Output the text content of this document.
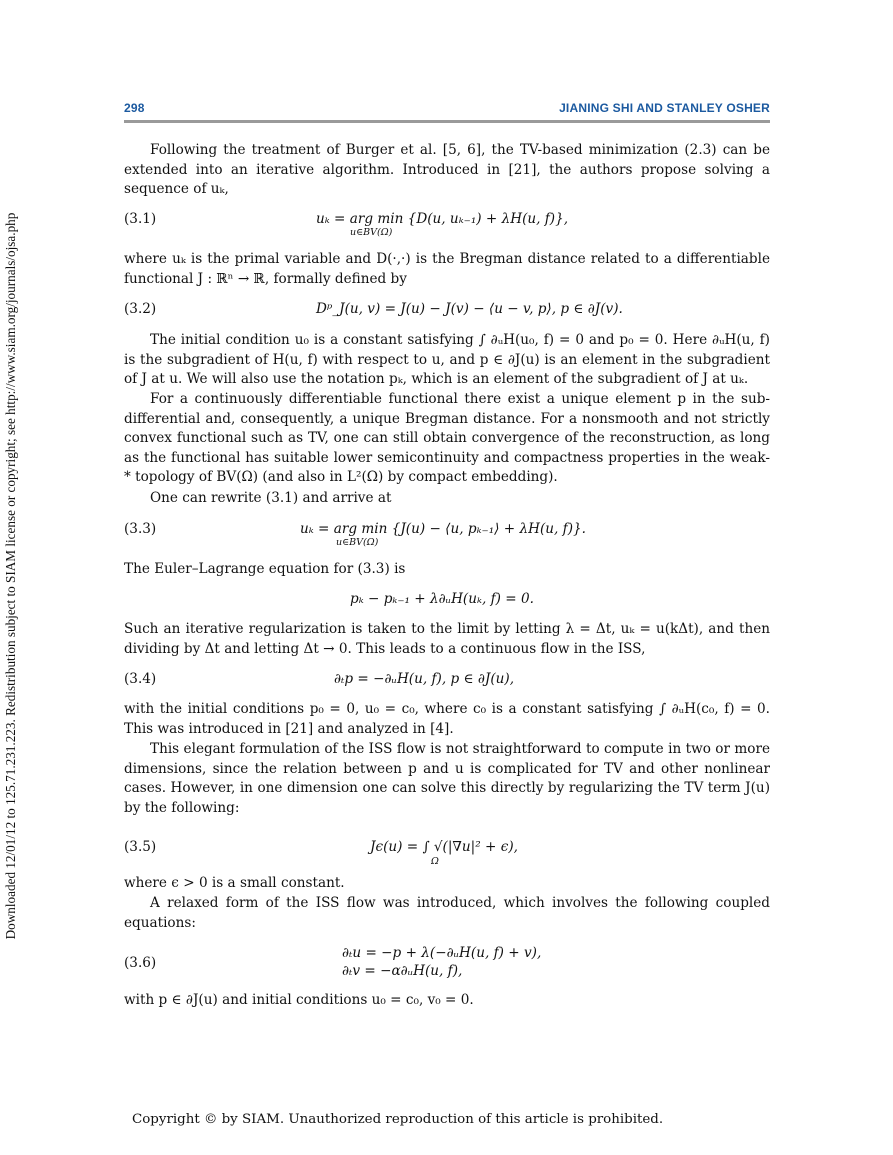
Downloaded 12/01/12 to 125.71.231.223. Redistribution subject to SIAM license or copyright; see http://www.siam.org/journals/ojsa.php
298	JIANING SHI AND STANLEY OSHER

Following the treatment of Burger et al. [5, 6], the TV-based minimization (2.3) can be extended into an iterative algorithm. Introduced in [21], the authors propose solving a sequence of uₖ,

(3.1)	uₖ = arg min {D(u, uₖ₋₁) + λH(u, f)},
u∈BV(Ω)

where uₖ is the primal variable and D(·,·) is the Bregman distance related to a differentiable functional J : ℝⁿ → ℝ, formally defined by

(3.2)	Dᵖ_J(u, v) = J(u) − J(v) − ⟨u − v, p⟩, p ∈ ∂J(v).

The initial condition u₀ is a constant satisfying ∫ ∂ᵤH(u₀, f) = 0 and p₀ = 0. Here ∂ᵤH(u, f) is the subgradient of H(u, f) with respect to u, and p ∈ ∂J(u) is an element in the subgradient of J at u. We will also use the notation pₖ, which is an element of the subgradient of J at uₖ.

For a continuously differentiable functional there exist a unique element p in the sub-differential and, consequently, a unique Bregman distance. For a nonsmooth and not strictly convex functional such as TV, one can still obtain convergence of the reconstruction, as long as the functional has suitable lower semicontinuity and compactness properties in the weak-* topology of BV(Ω) (and also in L²(Ω) by compact embedding).

One can rewrite (3.1) and arrive at

(3.3)	uₖ = arg min {J(u) − ⟨u, pₖ₋₁⟩ + λH(u, f)}.
u∈BV(Ω)

The Euler–Lagrange equation for (3.3) is

pₖ − pₖ₋₁ + λ∂ᵤH(uₖ, f) = 0.

Such an iterative regularization is taken to the limit by letting λ = Δt, uₖ = u(kΔt), and then dividing by Δt and letting Δt → 0. This leads to a continuous flow in the ISS,

(3.4)	∂ₜp = −∂ᵤH(u, f), p ∈ ∂J(u),

with the initial conditions p₀ = 0, u₀ = c₀, where c₀ is a constant satisfying ∫ ∂ᵤH(c₀, f) = 0. This was introduced in [21] and analyzed in [4].

This elegant formulation of the ISS flow is not straightforward to compute in two or more dimensions, since the relation between p and u is complicated for TV and other nonlinear cases. However, in one dimension one can solve this directly by regularizing the TV term J(u) by the following:

(3.5)	Jϵ(u) = ∫ √(|∇u|² + ϵ),
Ω

where ϵ > 0 is a small constant.

A relaxed form of the ISS flow was introduced, which involves the following coupled equations:

(3.6)
∂ₜu = −p + λ(−∂ᵤH(u, f) + v),
∂ₜv = −α∂ᵤH(u, f),

with p ∈ ∂J(u) and initial conditions u₀ = c₀, v₀ = 0.

Copyright © by SIAM. Unauthorized reproduction of this article is prohibited.
